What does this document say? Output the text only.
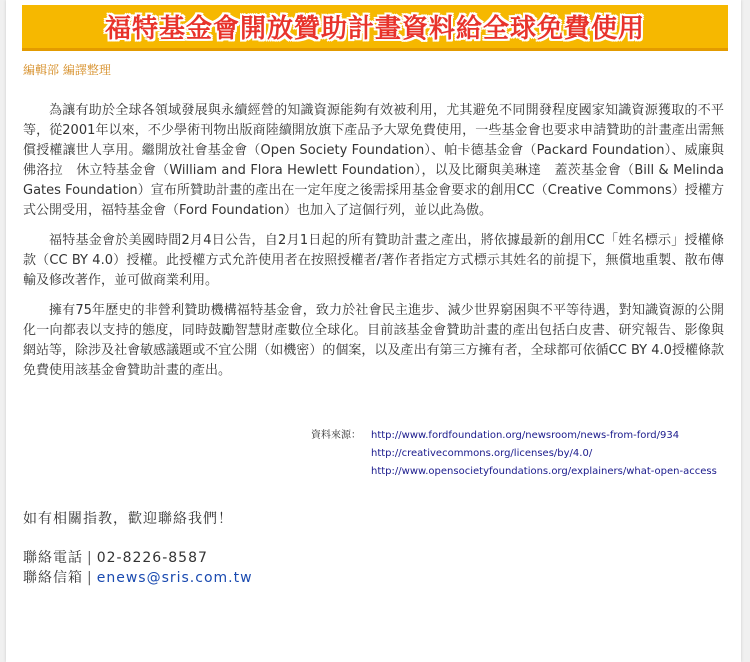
福特基金會開放贊助計畫資料給全球免費使用
編輯部 編譯整理

為讓有助於全球各領域發展與永續經營的知識資源能夠有效被利用，尤其避免不同開發程度國家知識資源獲取的不平等，從2001年以來，不少學術刊物出版商陸續開放旗下產品予大眾免費使用，一些基金會也要求申請贊助的計畫產出需無償授權讓世人享用。繼開放社會基金會（Open Society Foundation）、帕卡德基金會（Packard Foundation）、威廉與佛洛拉　休立特基金會（William and Flora Hewlett Foundation），以及比爾與美琳達　蓋茨基金會（Bill & Melinda Gates Foundation）宣布所贊助計畫的產出在一定年度之後需採用基金會要求的創用CC（Creative Commons）授權方式公開受用，福特基金會（Ford Foundation）也加入了這個行列，並以此為傲。

福特基金會於美國時間2月4日公告，自2月1日起的所有贊助計畫之產出，將依據最新的創用CC「姓名標示」授權條款（CC BY 4.0）授權。此授權方式允許使用者在按照授權者/著作者指定方式標示其姓名的前提下，無償地重製、散布傳輸及修改著作，並可做商業利用。

擁有75年歷史的非營利贊助機構福特基金會，致力於社會民主進步、減少世界窮困與不平等待遇，對知識資源的公開化一向都表以支持的態度，同時鼓勵智慧財產數位全球化。目前該基金會贊助計畫的產出包括白皮書、研究報告、影像與網站等，除涉及社會敏感議題或不宜公開（如機密）的個案，以及產出有第三方擁有者，全球都可依循CC BY 4.0授權條款免費使用該基金會贊助計畫的產出。

資料來源：	http://www.fordfoundation.org/newsroom/news-from-ford/934
http://creativecommons.org/licenses/by/4.0/
http://www.opensocietyfoundations.org/explainers/what-open-access
如有相關指教，歡迎聯絡我們！
聯絡電話 | 02-8226-8587
聯絡信箱 | enews@sris.com.tw
